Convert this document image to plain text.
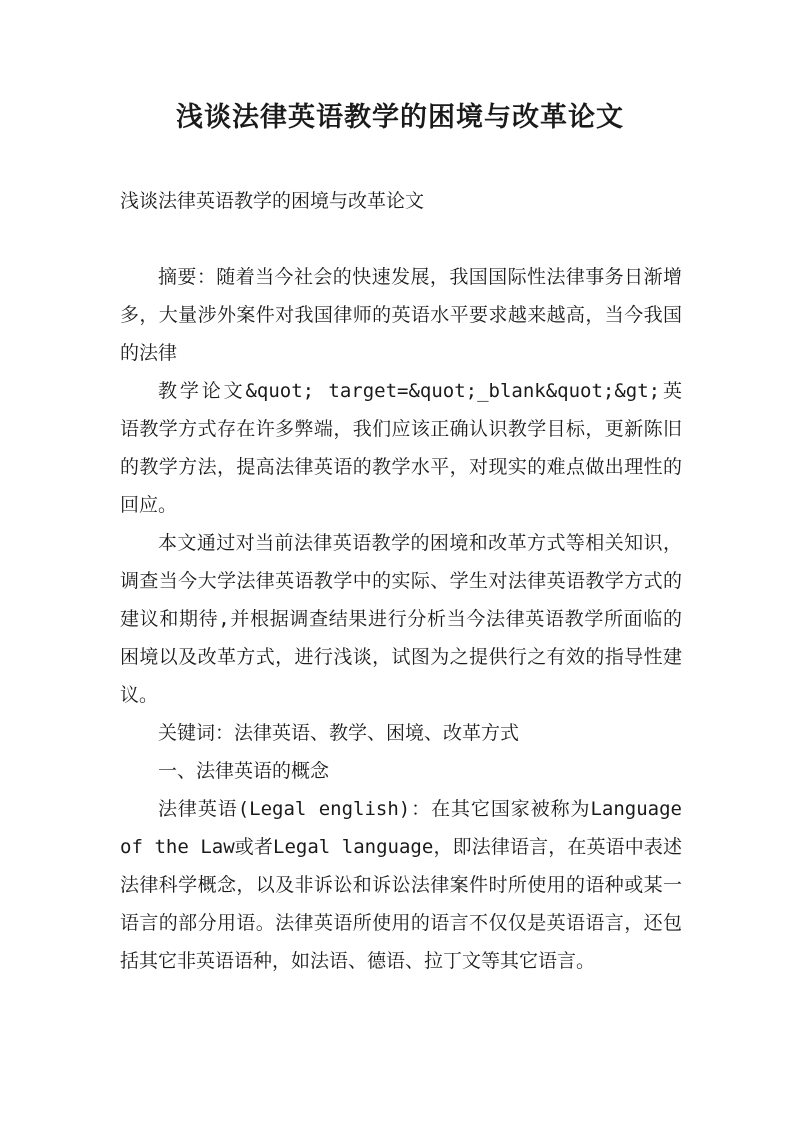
浅谈法律英语教学的困境与改革论文
浅谈法律英语教学的困境与改革论文

摘要：随着当今社会的快速发展，我国国际性法律事务日渐增多，大量涉外案件对我国律师的英语水平要求越来越高，当今我国的法律

教学论文&quot; target=&quot;_blank&quot;&gt;英语教学方式存在许多弊端，我们应该正确认识教学目标，更新陈旧的教学方法，提高法律英语的教学水平，对现实的难点做出理性的回应。

本文通过对当前法律英语教学的困境和改革方式等相关知识，调查当今大学法律英语教学中的实际、学生对法律英语教学方式的建议和期待,并根据调查结果进行分析当今法律英语教学所面临的困境以及改革方式，进行浅谈，试图为之提供行之有效的指导性建议。

关键词：法律英语、教学、困境、改革方式

一、法律英语的概念

法律英语(Legal english)：在其它国家被称为Language of the Law或者Legal language，即法律语言，在英语中表述法律科学概念，以及非诉讼和诉讼法律案件时所使用的语种或某一语言的部分用语。法律英语所使用的语言不仅仅是英语语言，还包括其它非英语语种，如法语、德语、拉丁文等其它语言。
